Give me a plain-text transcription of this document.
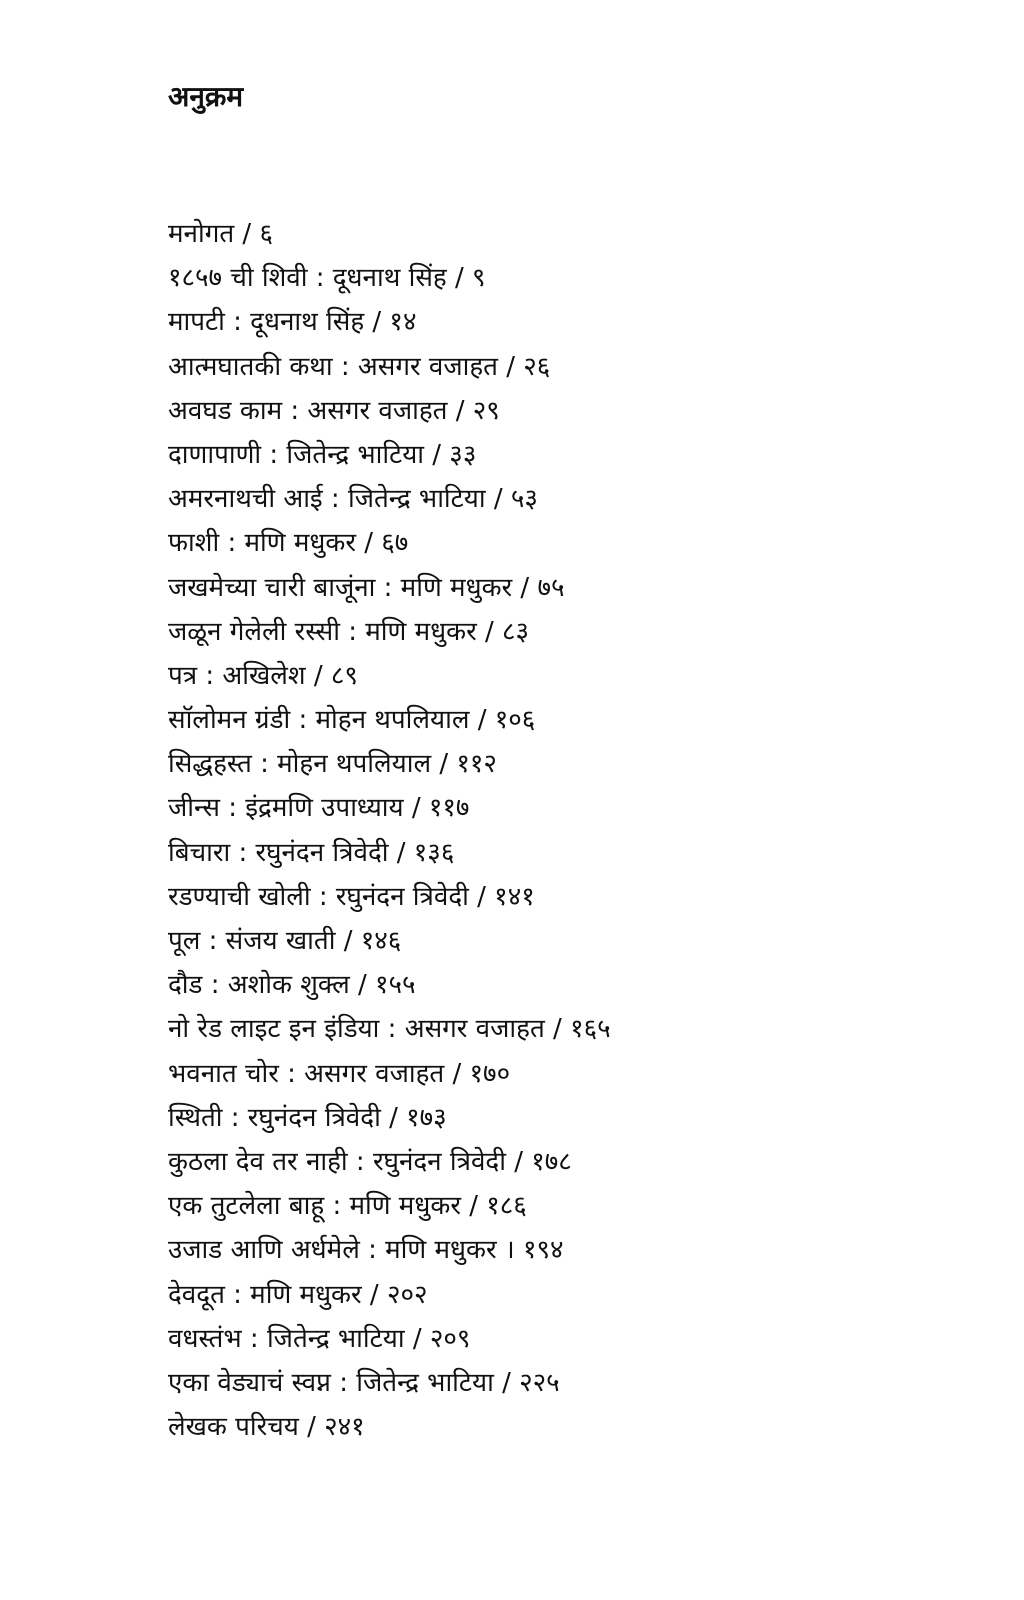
अनुक्रम
मनोगत / ६
१८५७ ची शिवी : दूधनाथ सिंह / ९
मापटी : दूधनाथ सिंह / १४
आत्मघातकी कथा : असगर वजाहत / २६
अवघड काम : असगर वजाहत / २९
दाणापाणी : जितेन्द्र भाटिया / ३३
अमरनाथची आई : जितेन्द्र भाटिया / ५३
फाशी : मणि मधुकर / ६७
जखमेच्या चारी बाजूंना : मणि मधुकर / ७५
जळून गेलेली रस्सी : मणि मधुकर / ८३
पत्र : अखिलेश / ८९
सॉलोमन ग्रंडी : मोहन थपलियाल / १०६
सिद्धहस्त : मोहन थपलियाल / ११२
जीन्स : इंद्रमणि उपाध्याय / ११७
बिचारा : रघुनंदन त्रिवेदी / १३६
रडण्याची खोली : रघुनंदन त्रिवेदी / १४१
पूल : संजय खाती / १४६
दौड : अशोक शुक्ल / १५५
नो रेड लाइट इन इंडिया : असगर वजाहत / १६५
भवनात चोर : असगर वजाहत / १७०
स्थिती : रघुनंदन त्रिवेदी / १७३
कुठला देव तर नाही : रघुनंदन त्रिवेदी / १७८
एक तुटलेला बाहू : मणि मधुकर / १८६
उजाड आणि अर्धमेले : मणि मधुकर । १९४
देवदूत : मणि मधुकर / २०२
वधस्तंभ : जितेन्द्र भाटिया / २०९
एका वेड्याचं स्वप्न : जितेन्द्र भाटिया / २२५
लेखक परिचय / २४१
